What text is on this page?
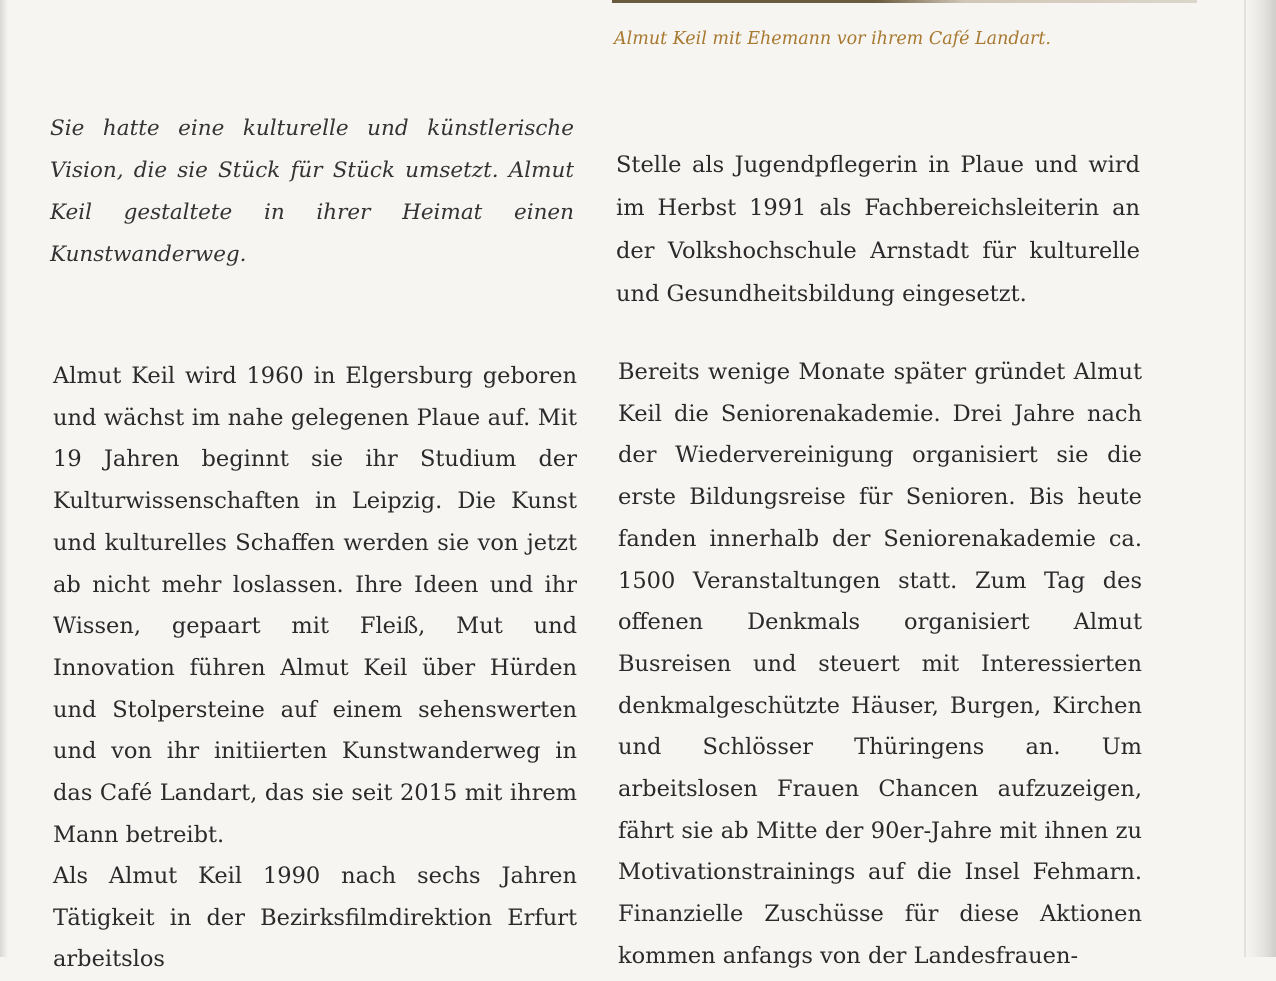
Almut Keil mit Ehemann vor ihrem Café Landart.

Sie hatte eine kulturelle und künstlerische Vision, die sie Stück für Stück umsetzt. Almut Keil gestaltete in ihrer Heimat einen Kunstwanderweg.

Almut Keil wird 1960 in Elgersburg geboren und wächst im nahe gelegenen Plaue auf. Mit 19 Jahren beginnt sie ihr Studium der Kulturwissenschaften in Leipzig. Die Kunst und kulturelles Schaffen werden sie von jetzt ab nicht mehr loslassen. Ihre Ideen und ihr Wissen, gepaart mit Fleiß, Mut und Innovation führen Almut Keil über Hürden und Stolpersteine auf einem sehenswerten und von ihr initiierten Kunstwanderweg in das Café Landart, das sie seit 2015 mit ihrem Mann betreibt.

Als Almut Keil 1990 nach sechs Jahren Tätigkeit in der Bezirksfilmdirektion Erfurt arbeitslos

Stelle als Jugendpflegerin in Plaue und wird im Herbst 1991 als Fachbereichsleiterin an der Volkshochschule Arnstadt für kulturelle und Gesundheitsbildung eingesetzt.

Bereits wenige Monate später gründet Almut Keil die Seniorenakademie. Drei Jahre nach der Wiedervereinigung organisiert sie die erste Bildungsreise für Senioren. Bis heute fanden innerhalb der Seniorenakademie ca. 1500 Veranstaltungen statt. Zum Tag des offenen Denkmals organisiert Almut Busreisen und steuert mit Interessierten denkmalgeschützte Häuser, Burgen, Kirchen und Schlösser Thüringens an. Um arbeitslosen Frauen Chancen aufzuzeigen, fährt sie ab Mitte der 90er-Jahre mit ihnen zu Motivationstrainings auf die Insel Fehmarn. Finanzielle Zuschüsse für diese Aktionen kommen anfangs von der Landesfrauen-
